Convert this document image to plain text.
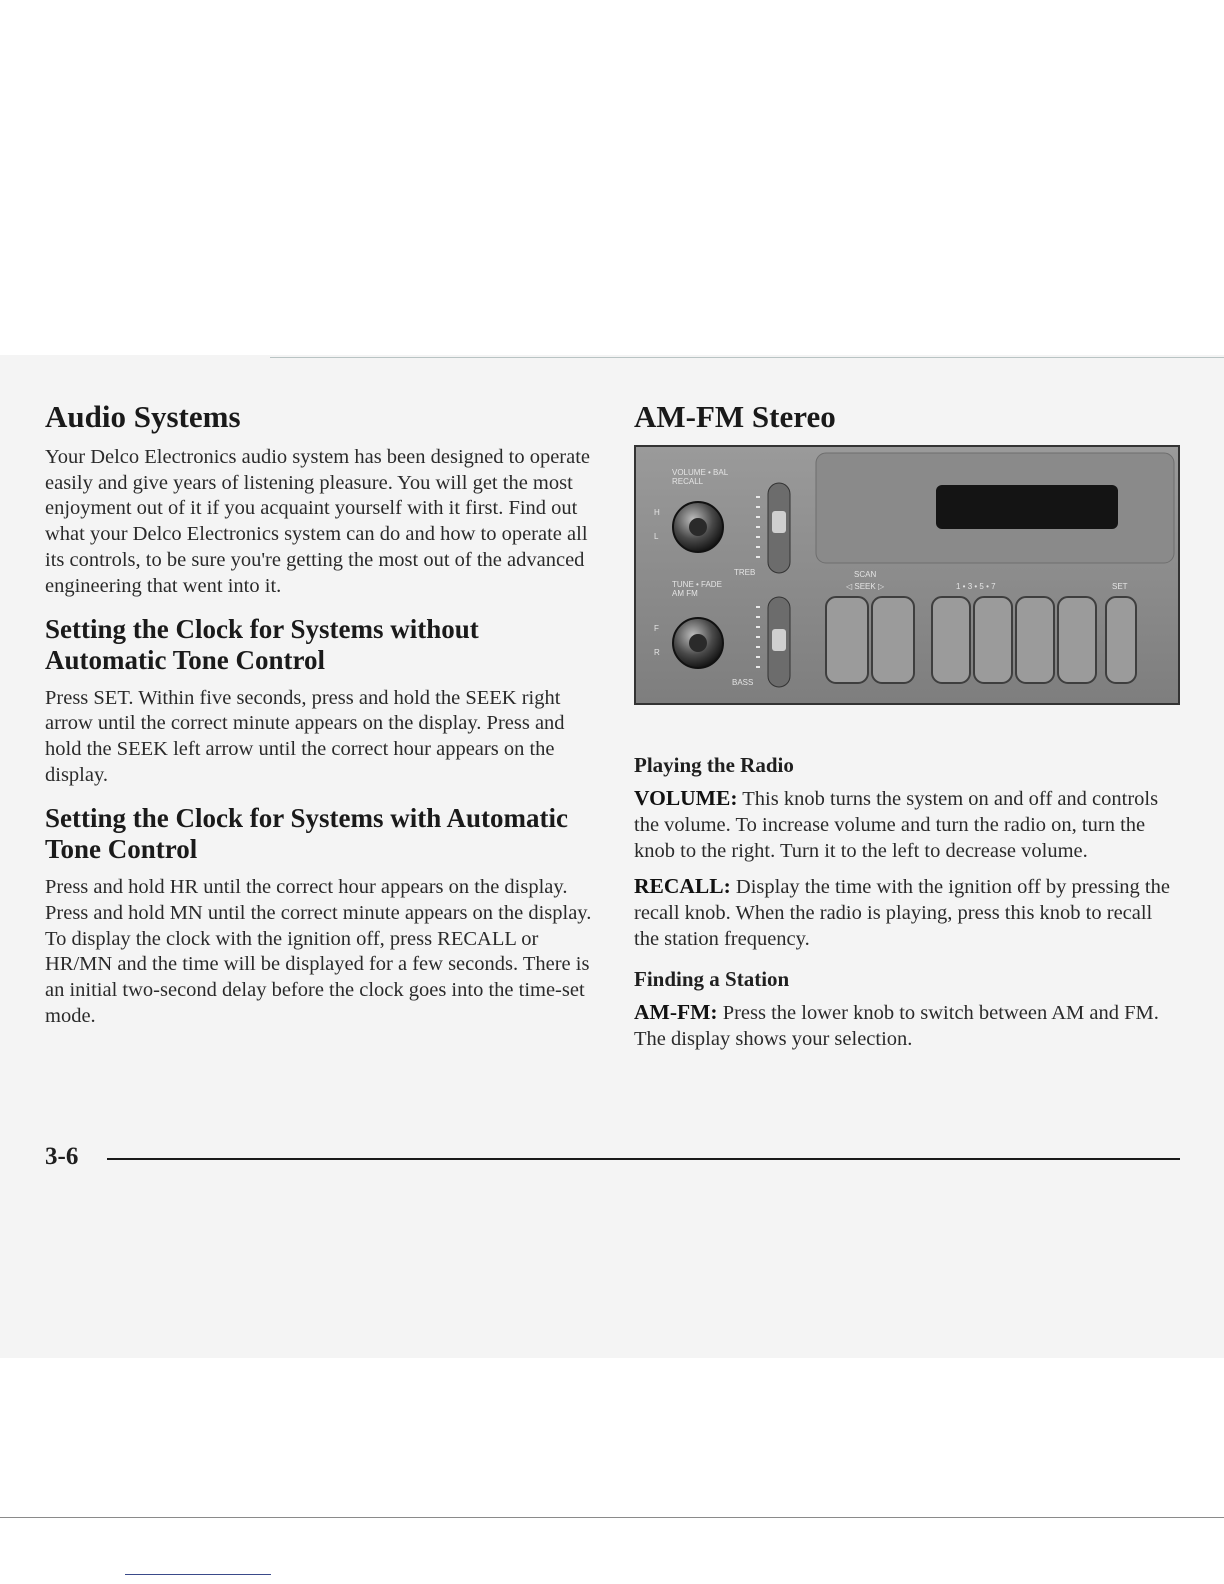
Audio Systems

Your Delco Electronics audio system has been designed to operate easily and give years of listening pleasure. You will get the most enjoyment out of it if you acquaint yourself with it first. Find out what your Delco Electronics system can do and how to operate all its controls, to be sure you're getting the most out of the advanced engineering that went into it.

Setting the Clock for Systems without Automatic Tone Control

Press SET. Within five seconds, press and hold the SEEK right arrow until the correct minute appears on the display. Press and hold the SEEK left arrow until the correct hour appears on the display.

Setting the Clock for Systems with Automatic Tone Control

Press and hold HR until the correct hour appears on the display. Press and hold MN until the correct minute appears on the display. To display the clock with the ignition off, press RECALL or HR/MN and the time will be displayed for a few seconds. There is an initial two-second delay before the clock goes into the time-set mode.

AM-FM Stereo
VOLUME • BAL
RECALL
H
L
TREB
TUNE • FADE
AM FM
F
R
BASS
SCAN
◁ SEEK ▷	1 • 3 • 5 • 7	SET
Playing the Radio

VOLUME: This knob turns the system on and off and controls the volume. To increase volume and turn the radio on, turn the knob to the right. Turn it to the left to decrease volume.

RECALL: Display the time with the ignition off by pressing the recall knob. When the radio is playing, press this knob to recall the station frequency.

Finding a Station

AM-FM: Press the lower knob to switch between AM and FM. The display shows your selection.

3-6
